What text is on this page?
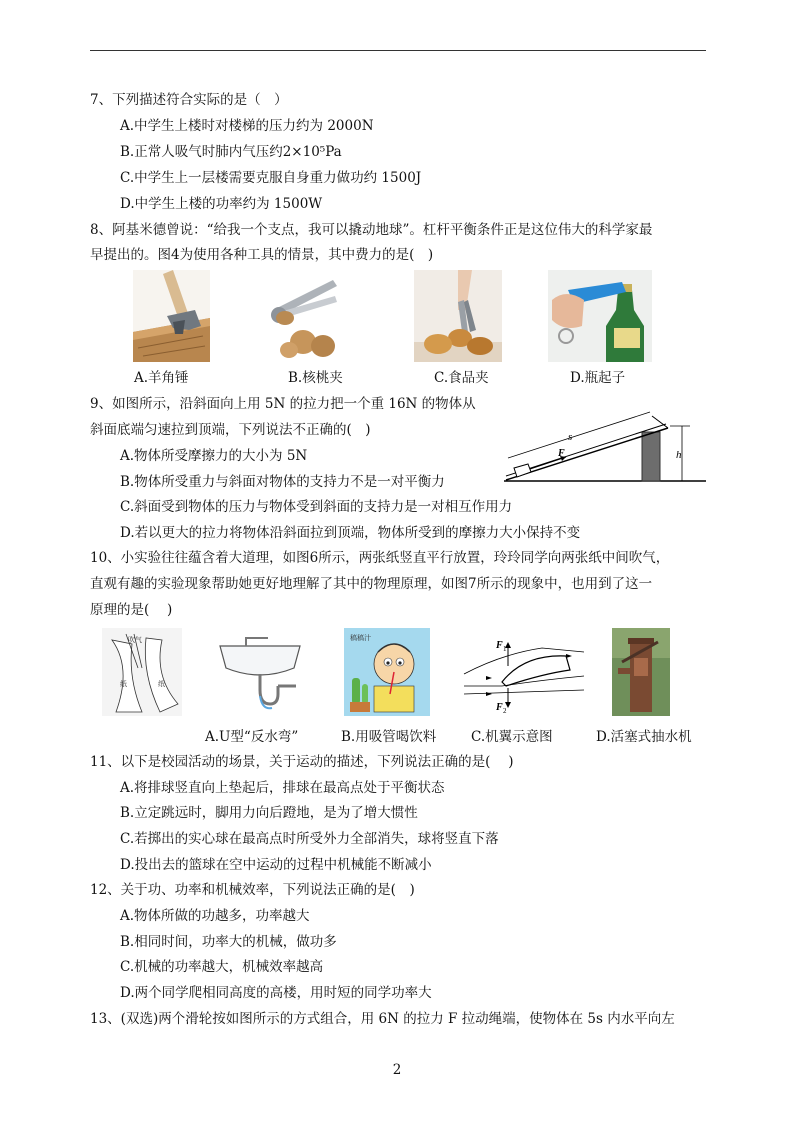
7、下列描述符合实际的是（　）
A.中学生上楼时对楼梯的压力约为 2000N
B.正常人吸气时肺内气压约2×10⁵Pa
C.中学生上一层楼需要克服自身重力做功约 1500J
D.中学生上楼的功率约为 1500W
8、阿基米德曾说：“给我一个支点，我可以撬动地球”。杠杆平衡条件正是这位伟大的科学家最
早提出的。图4为使用各种工具的情景，其中费力的是(　)
A.羊角锤	B.核桃夹	C.食品夹	D.瓶起子
9、如图所示，沿斜面向上用 5N 的拉力把一个重 16N 的物体从
斜面底端匀速拉到顶端，下列说法不正确的(　)
A.物体所受摩擦力的大小为 5N
B.物体所受重力与斜面对物体的支持力不是一对平衡力
C.斜面受到物体的压力与物体受到斜面的支持力是一对相互作用力
D.若以更大的拉力将物体沿斜面拉到顶端，物体所受到的摩擦力大小保持不变
s
F	h
10、小实验往往蕴含着大道理，如图6所示，两张纸竖直平行放置，玲玲同学向两张纸中间吹气，
直观有趣的实验现象帮助她更好地理解了其中的物理原理，如图7所示的现象中，也用到了这一
原理的是(　 )
吹气
纸	纸
稿稿汁
F 1
F 2
A.U型“反水弯”	B.用吸管喝饮料	C.机翼示意图	D.活塞式抽水机
11、以下是校园活动的场景，关于运动的描述，下列说法正确的是(　 )
A.将排球竖直向上垫起后，排球在最高点处于平衡状态
B.立定跳远时，脚用力向后蹬地，是为了增大惯性
C.若掷出的实心球在最高点时所受外力全部消失，球将竖直下落
D.投出去的篮球在空中运动的过程中机械能不断减小
12、关于功、功率和机械效率，下列说法正确的是(　)
A.物体所做的功越多，功率越大
B.相同时间，功率大的机械，做功多
C.机械的功率越大，机械效率越高
D.两个同学爬相同高度的高楼，用时短的同学功率大
13、(双选)两个滑轮按如图所示的方式组合，用 6N 的拉力 F 拉动绳端，使物体在 5s 内水平向左
2
